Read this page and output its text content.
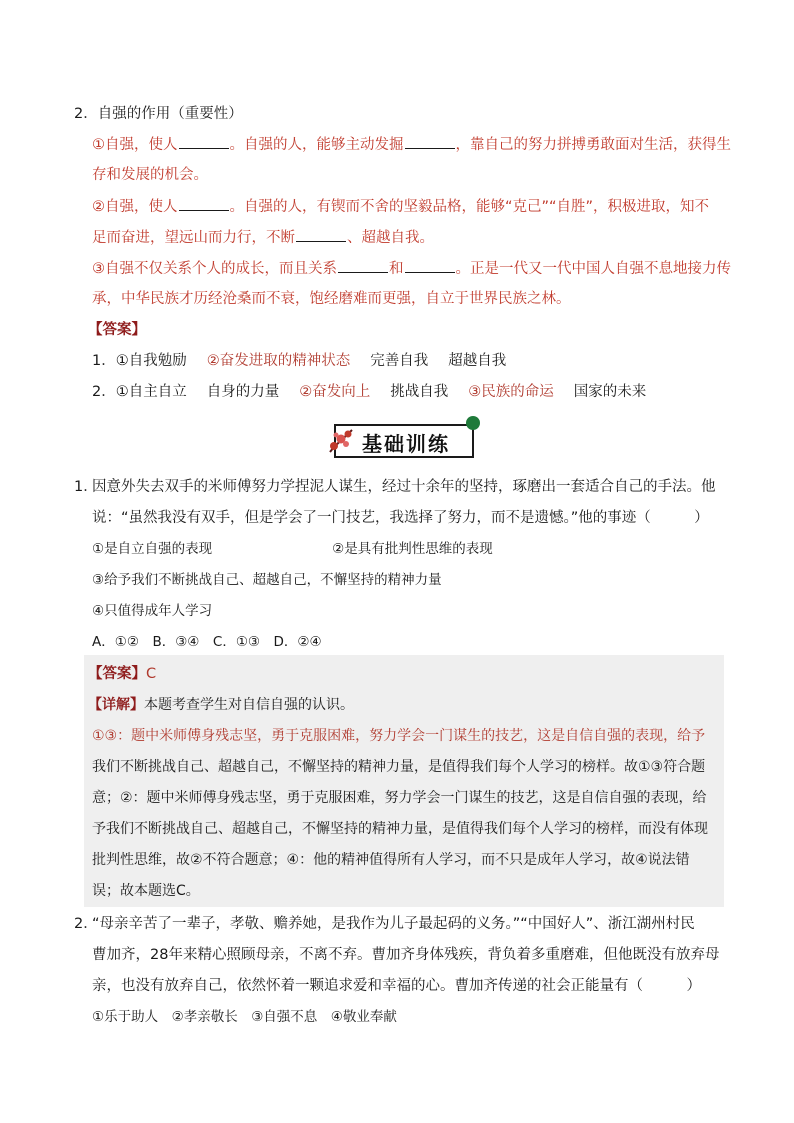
2．自强的作用（重要性）
①自强，使人	。自强的人，能够主动发掘	，靠自己的努力拼搏勇敢面对生活，获得生
存和发展的机会。
②自强，使人	。自强的人，有锲而不舍的坚毅品格，能够“克己”“自胜”，积极进取，知不
足而奋进，望远山而力行，不断	、超越自我。
③自强不仅关系个人的成长，而且关系	和	。正是一代又一代中国人自强不息地接力传
承，中华民族才历经沧桑而不衰，饱经磨难而更强，自立于世界民族之林。
【答案】
1．①自我勉励 ②奋发进取的精神状态 完善自我 超越自我
2．①自主自立 自身的力量 ②奋发向上 挑战自我 ③民族的命运 国家的未来
基础训练
1．
因意外失去双手的米师傅努力学捏泥人谋生，经过十余年的坚持，琢磨出一套适合自己的手法。他
说：“虽然我没有双手，但是学会了一门技艺，我选择了努力，而不是遗憾。”他的事迹（　　　）
①是自立自强的表现	②是具有批判性思维的表现
③给予我们不断挑战自己、超越自己，不懈坚持的精神力量
④只值得成年人学习
A．①②　B．③④　C．①③　D．②④
【答案】C
【详解】本题考查学生对自信自强的认识。
①③：题中米师傅身残志坚，勇于克服困难，努力学会一门谋生的技艺，这是自信自强的表现，给予
我们不断挑战自己、超越自己，不懈坚持的精神力量，是值得我们每个人学习的榜样。故①③符合题
意；②：题中米师傅身残志坚，勇于克服困难，努力学会一门谋生的技艺，这是自信自强的表现，给
予我们不断挑战自己、超越自己，不懈坚持的精神力量，是值得我们每个人学习的榜样，而没有体现
批判性思维，故②不符合题意；④：他的精神值得所有人学习，而不只是成年人学习，故④说法错
误；故本题选C。
2．
“母亲辛苦了一辈子，孝敬、赡养她，是我作为儿子最起码的义务。”“中国好人”、浙江湖州村民
曹加齐，28年来精心照顾母亲，不离不弃。曹加齐身体残疾，背负着多重磨难，但他既没有放弃母
亲，也没有放弃自己，依然怀着一颗追求爱和幸福的心。曹加齐传递的社会正能量有（　　　）
①乐于助人　②孝亲敬长　③自强不息　④敬业奉献
